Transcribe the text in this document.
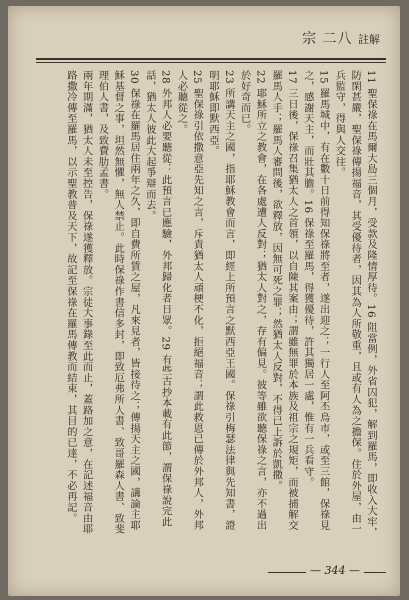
宗 二八 註解

11 聖保祿在馬爾大島三個月，受款及隆情厚待。16 阻當例，外省囚犯，解到羅馬，即收入大牢，防閑甚嚴，聖保祿傳揚福音，其受優待者，因其為人所敬重，且或有人為之擔保。住於外屋，由一兵監守，得與人交往。

15 羅馬城中，有在數十日前得知保祿將至者，遂出迎之；一行人至阿丕烏市，或至三館，保祿見之，感謝天主，而壯其膽。16 保祿至羅馬，得獲優待，許其獨居一處，惟有一兵看守。

17 三日後，保祿召集猶太人之首領，以自陳其案由；謂雖無罪於本族及祖宗之規矩，而被捕解交羅馬人手；羅馬人審問後，欲釋放，因無可死之罪；然猶太人反對，不得已上訴於凱撒。

22 耶穌所立之教會，在各處遭人反對；猶太人對之，存有偏見。彼等雖欲聽保祿之言，亦不過出於好奇而已。

23 所講天主之國，指耶穌教會而言，即經上所預言之默西亞王國。保祿引梅瑟法律與先知書，證明耶穌即默西亞。

25 聖保祿引依撒意亞先知之言，斥責猶太人頑梗不化，拒絕福音；謂此救恩已傳於外邦人，外邦人必聽從之。

28 外邦人必要聽從：此預言已應驗，外邦歸化者日眾。29 有些古抄本載有此節，謂保祿說完此話，猶太人彼此大起爭辯而去。

30 保祿在羅馬居住兩年之久，即自費所賃之屋，凡來見者，皆接待之；傳揚天主之國，講論主耶穌基督之事，坦然無懼，無人禁止。此時保祿作書信多封，即致厄弗所人書、致哥羅森人書、致斐理伯人書，及致費肋孟書。

兩年期滿，猶太人未至控告，保祿遂獲釋放。宗徒大事錄至此而止，蓋路加之意，在記述福音由耶路撒冷傳至羅馬，以示聖教普及天下，故記至保祿在羅馬傳教而結束，其目的已達，不必再記。

— 344 —
